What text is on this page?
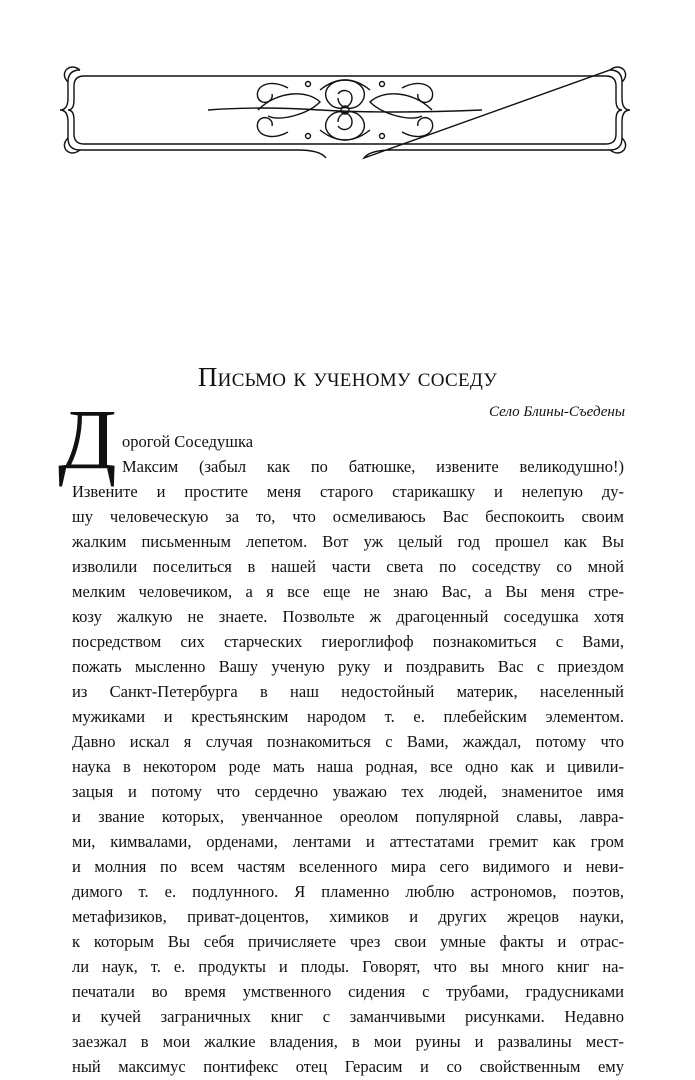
Письмо к ученому соседу
Село Блины-Съедены
Д орогой Соседушка
Максим (забыл как по батюшке, извените великодушно!)
Извените и простите меня старого старикашку и нелепую ду-
шу человеческую за то, что осмеливаюсь Вас беспокоить своим
жалким письменным лепетом. Вот уж целый год прошел как Вы
изволили поселиться в нашей части света по соседству со мной
мелким человечиком, а я все еще не знаю Вас, а Вы меня стре-
козу жалкую не знаете. Позвольте ж драгоценный соседушка хотя
посредством сих старческих гиероглифоф познакомиться с Вами,
пожать мысленно Вашу ученую руку и поздравить Вас с приездом
из Санкт-Петербурга в наш недостойный материк, населенный
мужиками и крестьянским народом т. е. плебейским элементом.
Давно искал я случая познакомиться с Вами, жаждал, потому что
наука в некотором роде мать наша родная, все одно как и цивили-
зацыя и потому что сердечно уважаю тех людей, знаменитое имя
и звание которых, увенчанное ореолом популярной славы, лавра-
ми, кимвалами, орденами, лентами и аттестатами гремит как гром
и молния по всем частям вселенного мира сего видимого и неви-
димого т. е. подлунного. Я пламенно люблю астрономов, поэтов,
метафизиков, приват-доцентов, химиков и других жрецов науки,
к которым Вы себя причисляете чрез свои умные факты и отрас-
ли наук, т. е. продукты и плоды. Говорят, что вы много книг на-
печатали во время умственного сидения с трубами, градусниками
и кучей заграничных книг с заманчивыми рисунками. Недавно
заезжал в мои жалкие владения, в мои руины и развалины мест-
ный максимус понтифекс отец Герасим и со свойственным ему
